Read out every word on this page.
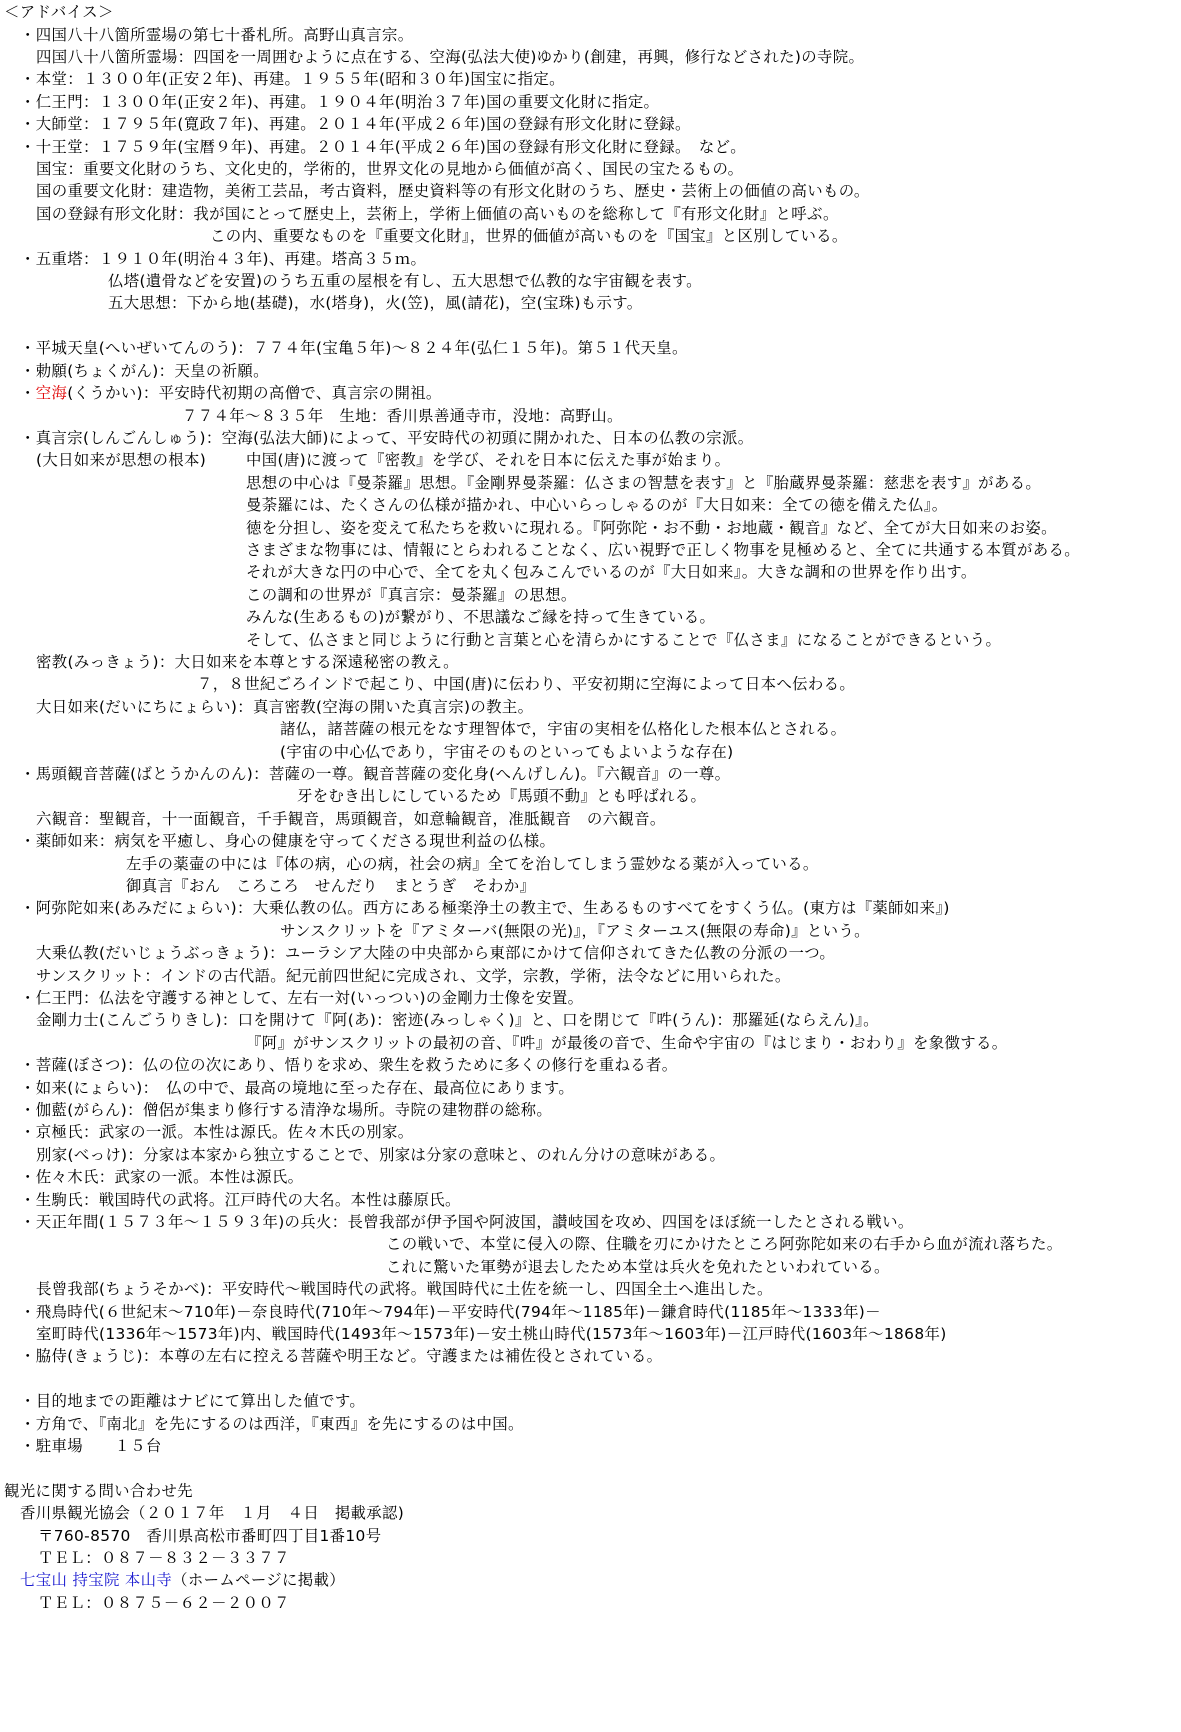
＜アドバイス＞
・四国八十八箇所霊場の第七十番札所。高野山真言宗。
四国八十八箇所霊場：四国を一周囲むように点在する、空海(弘法大使)ゆかり(創建，再興，修行などされた)の寺院。
・本堂：１３００年(正安２年)、再建。１９５５年(昭和３０年)国宝に指定。
・仁王門：１３００年(正安２年)、再建。１９０４年(明治３７年)国の重要文化財に指定。
・大師堂：１７９５年(寛政７年)、再建。２０１４年(平成２６年)国の登録有形文化財に登録。
・十王堂：１７５９年(宝暦９年)、再建。２０１４年(平成２６年)国の登録有形文化財に登録。　など。
国宝：重要文化財のうち、文化史的，学術的，世界文化の見地から価値が高く、国民の宝たるもの。
国の重要文化財：建造物，美術工芸品，考古資料，歴史資料等の有形文化財のうち、歴史・芸術上の価値の高いもの。
国の登録有形文化財：我が国にとって歴史上，芸術上，学術上価値の高いものを総称して『有形文化財』と呼ぶ。
この内、重要なものを『重要文化財』，世界的価値が高いものを『国宝』と区別している。
・五重塔：１９１０年(明治４３年)、再建。塔高３５ｍ。
仏塔(遺骨などを安置)のうち五重の屋根を有し、五大思想で仏教的な宇宙観を表す。
五大思想：下から地(基礎)，水(塔身)，火(笠)，風(請花)，空(宝珠)も示す。
・平城天皇(へいぜいてんのう)：７７４年(宝亀５年)～８２４年(弘仁１５年)。第５１代天皇。
・勅願(ちょくがん)：天皇の祈願。
・空海(くうかい)：平安時代初期の高僧で、真言宗の開祖。
７７４年～８３５年　生地：香川県善通寺市，没地：高野山。
・真言宗(しんごんしゅう)：空海(弘法大師)によって、平安時代の初頭に開かれた、日本の仏教の宗派。
(大日如来が思想の根本)	中国(唐)に渡って『密教』を学び、それを日本に伝えた事が始まり。
思想の中心は『曼荼羅』思想。『金剛界曼荼羅：仏さまの智慧を表す』と『胎蔵界曼荼羅：慈悲を表す』がある。
曼荼羅には、たくさんの仏様が描かれ、中心いらっしゃるのが『大日如来：全ての徳を備えた仏』。
徳を分担し、姿を変えて私たちを救いに現れる。『阿弥陀・お不動・お地蔵・観音』など、全てが大日如来のお姿。
さまざまな物事には、情報にとらわれることなく、広い視野で正しく物事を見極めると、全てに共通する本質がある。
それが大きな円の中心で、全てを丸く包みこんでいるのが『大日如来』。大きな調和の世界を作り出す。
この調和の世界が『真言宗：曼荼羅』の思想。
みんな(生あるもの)が繋がり、不思議なご縁を持って生きている。
そして、仏さまと同じように行動と言葉と心を清らかにすることで『仏さま』になることができるという。
密教(みっきょう)：大日如来を本尊とする深遠秘密の教え。
７，８世紀ごろインドで起こり、中国(唐)に伝わり、平安初期に空海によって日本へ伝わる。
大日如来(だいにちにょらい)：真言密教(空海の開いた真言宗)の教主。
諸仏，諸菩薩の根元をなす理智体で，宇宙の実相を仏格化した根本仏とされる。
(宇宙の中心仏であり，宇宙そのものといってもよいような存在)
・馬頭観音菩薩(ばとうかんのん)：菩薩の一尊。観音菩薩の変化身(へんげしん)。『六観音』の一尊。
牙をむき出しにしているため『馬頭不動』とも呼ばれる。
六観音：聖観音，十一面観音，千手観音，馬頭観音，如意輪観音，准胝観音　の六観音。
・薬師如来：病気を平癒し、身心の健康を守ってくださる現世利益の仏様。
左手の薬壷の中には『体の病，心の病，社会の病』全てを治してしまう霊妙なる薬が入っている。
御真言『おん　ころころ　せんだり　まとうぎ　そわか』
・阿弥陀如来(あみだにょらい)：大乗仏教の仏。西方にある極楽浄土の教主で、生あるものすべてをすくう仏。(東方は『薬師如来』)
サンスクリットを『アミターバ(無限の光)』，『アミターユス(無限の寿命)』という。
大乗仏教(だいじょうぶっきょう)：ユーラシア大陸の中央部から東部にかけて信仰されてきた仏教の分派の一つ。
サンスクリット：インドの古代語。紀元前四世紀に完成され、文学，宗教，学術，法令などに用いられた。
・仁王門：仏法を守護する神として、左右一対(いっつい)の金剛力士像を安置。
金剛力士(こんごうりきし)：口を開けて『阿(あ)：密迹(みっしゃく)』と、口を閉じて『吽(うん)：那羅延(ならえん)』。
『阿』がサンスクリットの最初の音、『吽』が最後の音で、生命や宇宙の『はじまり・おわり』を象徴する。
・菩薩(ぼさつ)：仏の位の次にあり、悟りを求め、衆生を救うために多くの修行を重ねる者。
・如来(にょらい)：　仏の中で、最高の境地に至った存在、最高位にあります。
・伽藍(がらん)：僧侶が集まり修行する清浄な場所。寺院の建物群の総称。
・京極氏：武家の一派。本性は源氏。佐々木氏の別家。
別家(べっけ)：分家は本家から独立することで、別家は分家の意味と、のれん分けの意味がある。
・佐々木氏：武家の一派。本性は源氏。
・生駒氏：戦国時代の武将。江戸時代の大名。本性は藤原氏。
・天正年間(１５７３年～１５９３年)の兵火：長曾我部が伊予国や阿波国，讃岐国を攻め、四国をほぼ統一したとされる戦い。
この戦いで、本堂に侵入の際、住職を刃にかけたところ阿弥陀如来の右手から血が流れ落ちた。
これに驚いた軍勢が退去したため本堂は兵火を免れたといわれている。
長曾我部(ちょうそかべ)：平安時代～戦国時代の武将。戦国時代に土佐を統一し、四国全土へ進出した。
・飛鳥時代(６世紀末～710年)－奈良時代(710年～794年)－平安時代(794年～1185年)－鎌倉時代(1185年～1333年)－
室町時代(1336年～1573年)内、戦国時代(1493年～1573年)－安土桃山時代(1573年～1603年)－江戸時代(1603年～1868年)
・脇侍(きょうじ)：本尊の左右に控える菩薩や明王など。守護または補佐役とされている。
・目的地までの距離はナビにて算出した値です。
・方角で、『南北』を先にするのは西洋，『東西』を先にするのは中国。
・駐車場　　１５台
観光に関する問い合わせ先
香川県観光協会（２０１７年　１月　４日　掲載承認)
〒760-8570　香川県高松市番町四丁目1番10号
ＴＥＬ：０８７－８３２－３３７７
七宝山 持宝院 本山寺（ホームページに掲載）
ＴＥＬ：０８７５－６２－２００７
